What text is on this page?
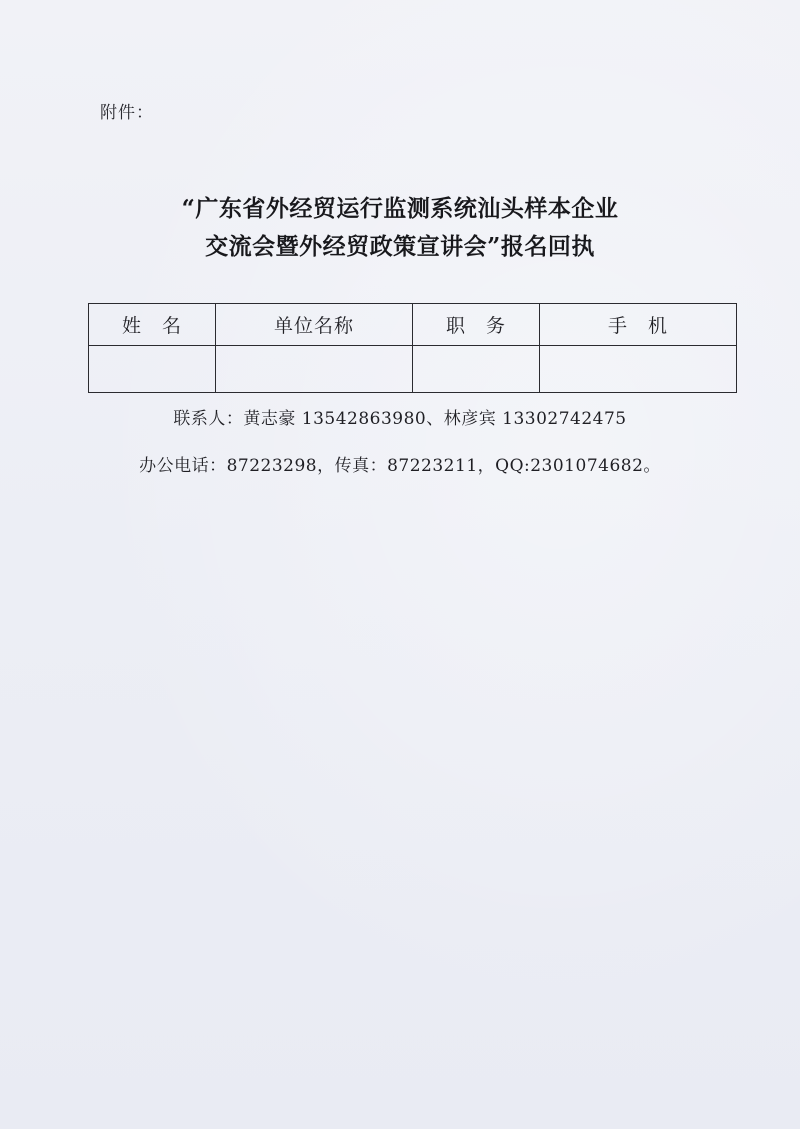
附件：
“广东省外经贸运行监测系统汕头样本企业
交流会暨外经贸政策宣讲会”报名回执
姓　名	单位名称	职　务	手　机

联系人：黄志豪 13542863980、林彦宾 13302742475
办公电话：87223298，传真：87223211，QQ:2301074682。
